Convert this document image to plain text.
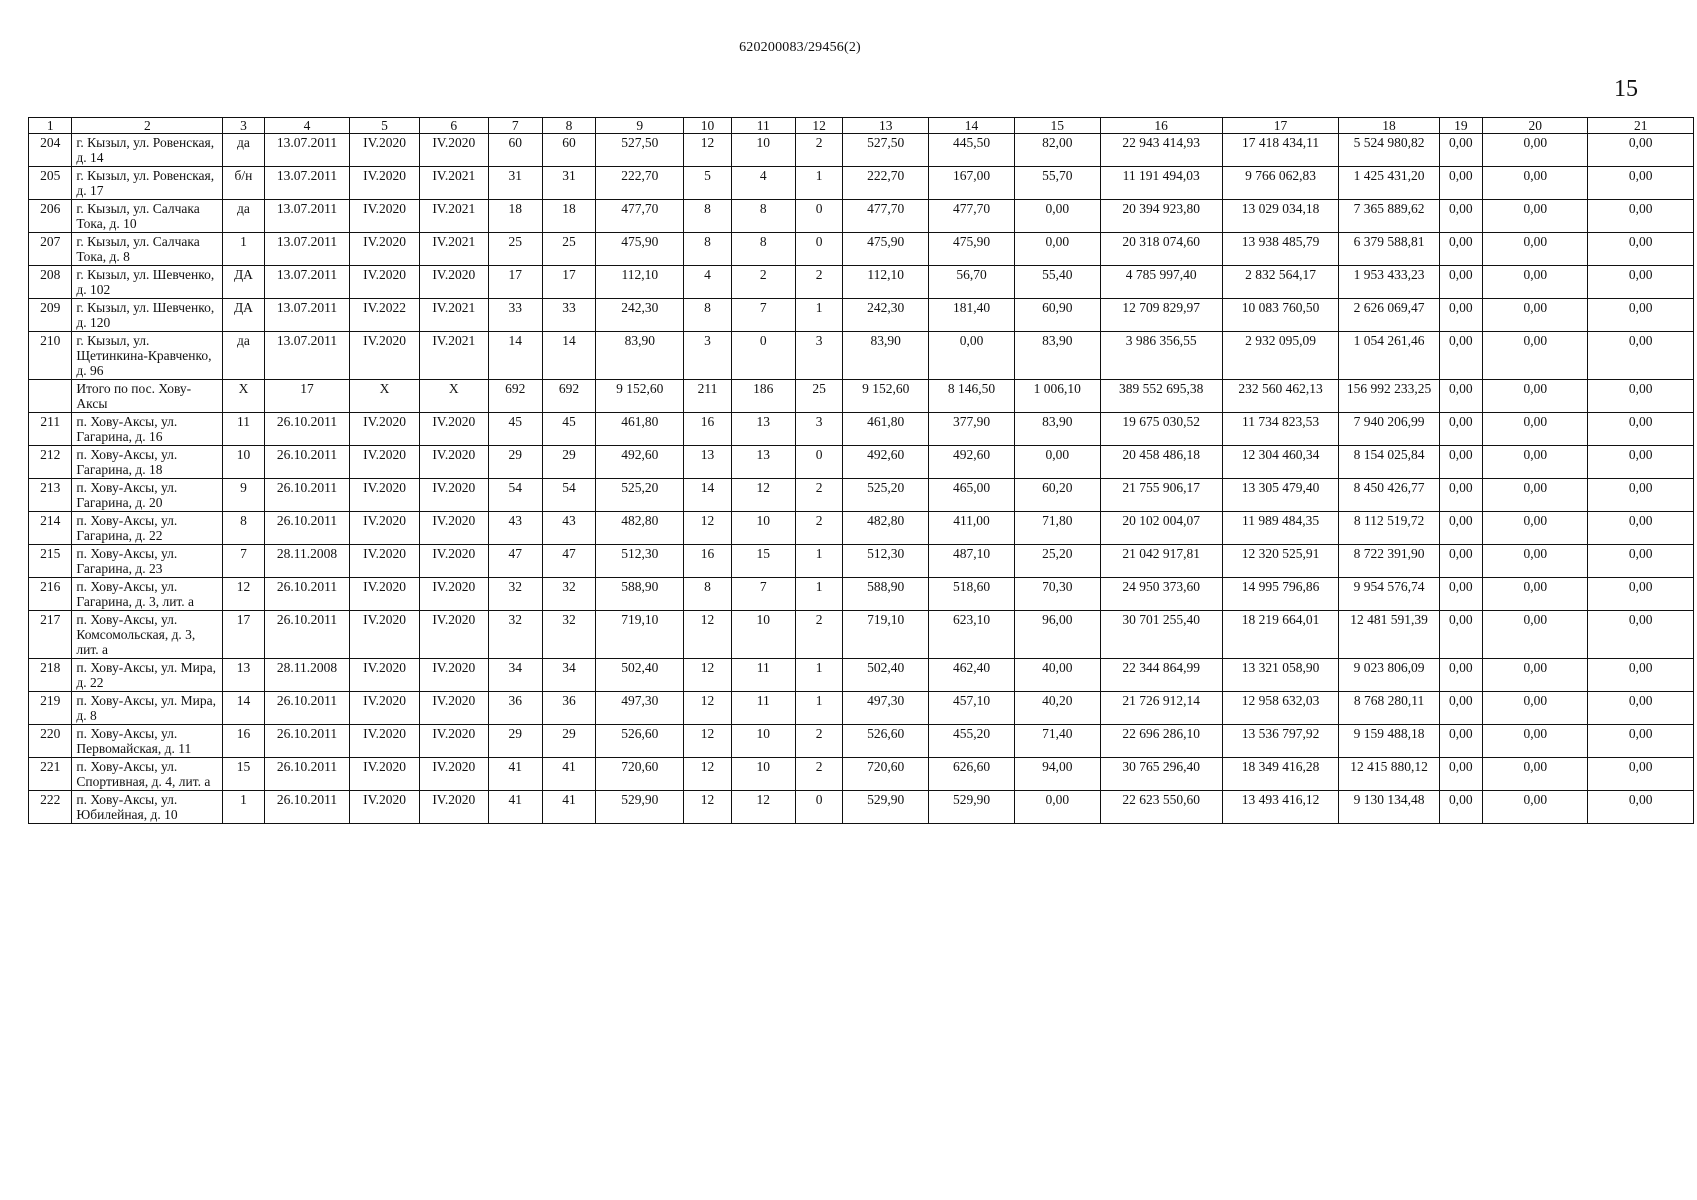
620200083/29456(2)
15
1	2	3	4	5	6	7	8	9	10	11	12	13	14	15	16	17	18	19	20	21
204	г. Кызыл, ул. Ровенская, д. 14	да	13.07.2011	IV.2020	IV.2020	60	60	527,50	12	10	2	527,50	445,50	82,00	22 943 414,93	17 418 434,11	5 524 980,82	0,00	0,00	0,00
205	г. Кызыл, ул. Ровенская, д. 17	б/н	13.07.2011	IV.2020	IV.2021	31	31	222,70	5	4	1	222,70	167,00	55,70	11 191 494,03	9 766 062,83	1 425 431,20	0,00	0,00	0,00
206	г. Кызыл, ул. Салчака Тока, д. 10	да	13.07.2011	IV.2020	IV.2021	18	18	477,70	8	8	0	477,70	477,70	0,00	20 394 923,80	13 029 034,18	7 365 889,62	0,00	0,00	0,00
207	г. Кызыл, ул. Салчака Тока, д. 8	1	13.07.2011	IV.2020	IV.2021	25	25	475,90	8	8	0	475,90	475,90	0,00	20 318 074,60	13 938 485,79	6 379 588,81	0,00	0,00	0,00
208	г. Кызыл, ул. Шевченко, д. 102	ДА	13.07.2011	IV.2020	IV.2020	17	17	112,10	4	2	2	112,10	56,70	55,40	4 785 997,40	2 832 564,17	1 953 433,23	0,00	0,00	0,00
209	г. Кызыл, ул. Шевченко, д. 120	ДА	13.07.2011	IV.2022	IV.2021	33	33	242,30	8	7	1	242,30	181,40	60,90	12 709 829,97	10 083 760,50	2 626 069,47	0,00	0,00	0,00
210	г. Кызыл, ул. Щетинкина-Кравченко, д. 96	да	13.07.2011	IV.2020	IV.2021	14	14	83,90	3	0	3	83,90	0,00	83,90	3 986 356,55	2 932 095,09	1 054 261,46	0,00	0,00	0,00
	Итого по пос. Хову-Аксы	X	17	X	X	692	692	9 152,60	211	186	25	9 152,60	8 146,50	1 006,10	389 552 695,38	232 560 462,13	156 992 233,25	0,00	0,00	0,00
211	п. Хову-Аксы, ул. Гагарина, д. 16	11	26.10.2011	IV.2020	IV.2020	45	45	461,80	16	13	3	461,80	377,90	83,90	19 675 030,52	11 734 823,53	7 940 206,99	0,00	0,00	0,00
212	п. Хову-Аксы, ул. Гагарина, д. 18	10	26.10.2011	IV.2020	IV.2020	29	29	492,60	13	13	0	492,60	492,60	0,00	20 458 486,18	12 304 460,34	8 154 025,84	0,00	0,00	0,00
213	п. Хову-Аксы, ул. Гагарина, д. 20	9	26.10.2011	IV.2020	IV.2020	54	54	525,20	14	12	2	525,20	465,00	60,20	21 755 906,17	13 305 479,40	8 450 426,77	0,00	0,00	0,00
214	п. Хову-Аксы, ул. Гагарина, д. 22	8	26.10.2011	IV.2020	IV.2020	43	43	482,80	12	10	2	482,80	411,00	71,80	20 102 004,07	11 989 484,35	8 112 519,72	0,00	0,00	0,00
215	п. Хову-Аксы, ул. Гагарина, д. 23	7	28.11.2008	IV.2020	IV.2020	47	47	512,30	16	15	1	512,30	487,10	25,20	21 042 917,81	12 320 525,91	8 722 391,90	0,00	0,00	0,00
216	п. Хову-Аксы, ул. Гагарина, д. 3, лит. а	12	26.10.2011	IV.2020	IV.2020	32	32	588,90	8	7	1	588,90	518,60	70,30	24 950 373,60	14 995 796,86	9 954 576,74	0,00	0,00	0,00
217	п. Хову-Аксы, ул. Комсомольская, д. 3, лит. а	17	26.10.2011	IV.2020	IV.2020	32	32	719,10	12	10	2	719,10	623,10	96,00	30 701 255,40	18 219 664,01	12 481 591,39	0,00	0,00	0,00
218	п. Хову-Аксы, ул. Мира, д. 22	13	28.11.2008	IV.2020	IV.2020	34	34	502,40	12	11	1	502,40	462,40	40,00	22 344 864,99	13 321 058,90	9 023 806,09	0,00	0,00	0,00
219	п. Хову-Аксы, ул. Мира, д. 8	14	26.10.2011	IV.2020	IV.2020	36	36	497,30	12	11	1	497,30	457,10	40,20	21 726 912,14	12 958 632,03	8 768 280,11	0,00	0,00	0,00
220	п. Хову-Аксы, ул. Первомайская, д. 11	16	26.10.2011	IV.2020	IV.2020	29	29	526,60	12	10	2	526,60	455,20	71,40	22 696 286,10	13 536 797,92	9 159 488,18	0,00	0,00	0,00
221	п. Хову-Аксы, ул. Спортивная, д. 4, лит. а	15	26.10.2011	IV.2020	IV.2020	41	41	720,60	12	10	2	720,60	626,60	94,00	30 765 296,40	18 349 416,28	12 415 880,12	0,00	0,00	0,00
222	п. Хову-Аксы, ул. Юбилейная, д. 10	1	26.10.2011	IV.2020	IV.2020	41	41	529,90	12	12	0	529,90	529,90	0,00	22 623 550,60	13 493 416,12	9 130 134,48	0,00	0,00	0,00
